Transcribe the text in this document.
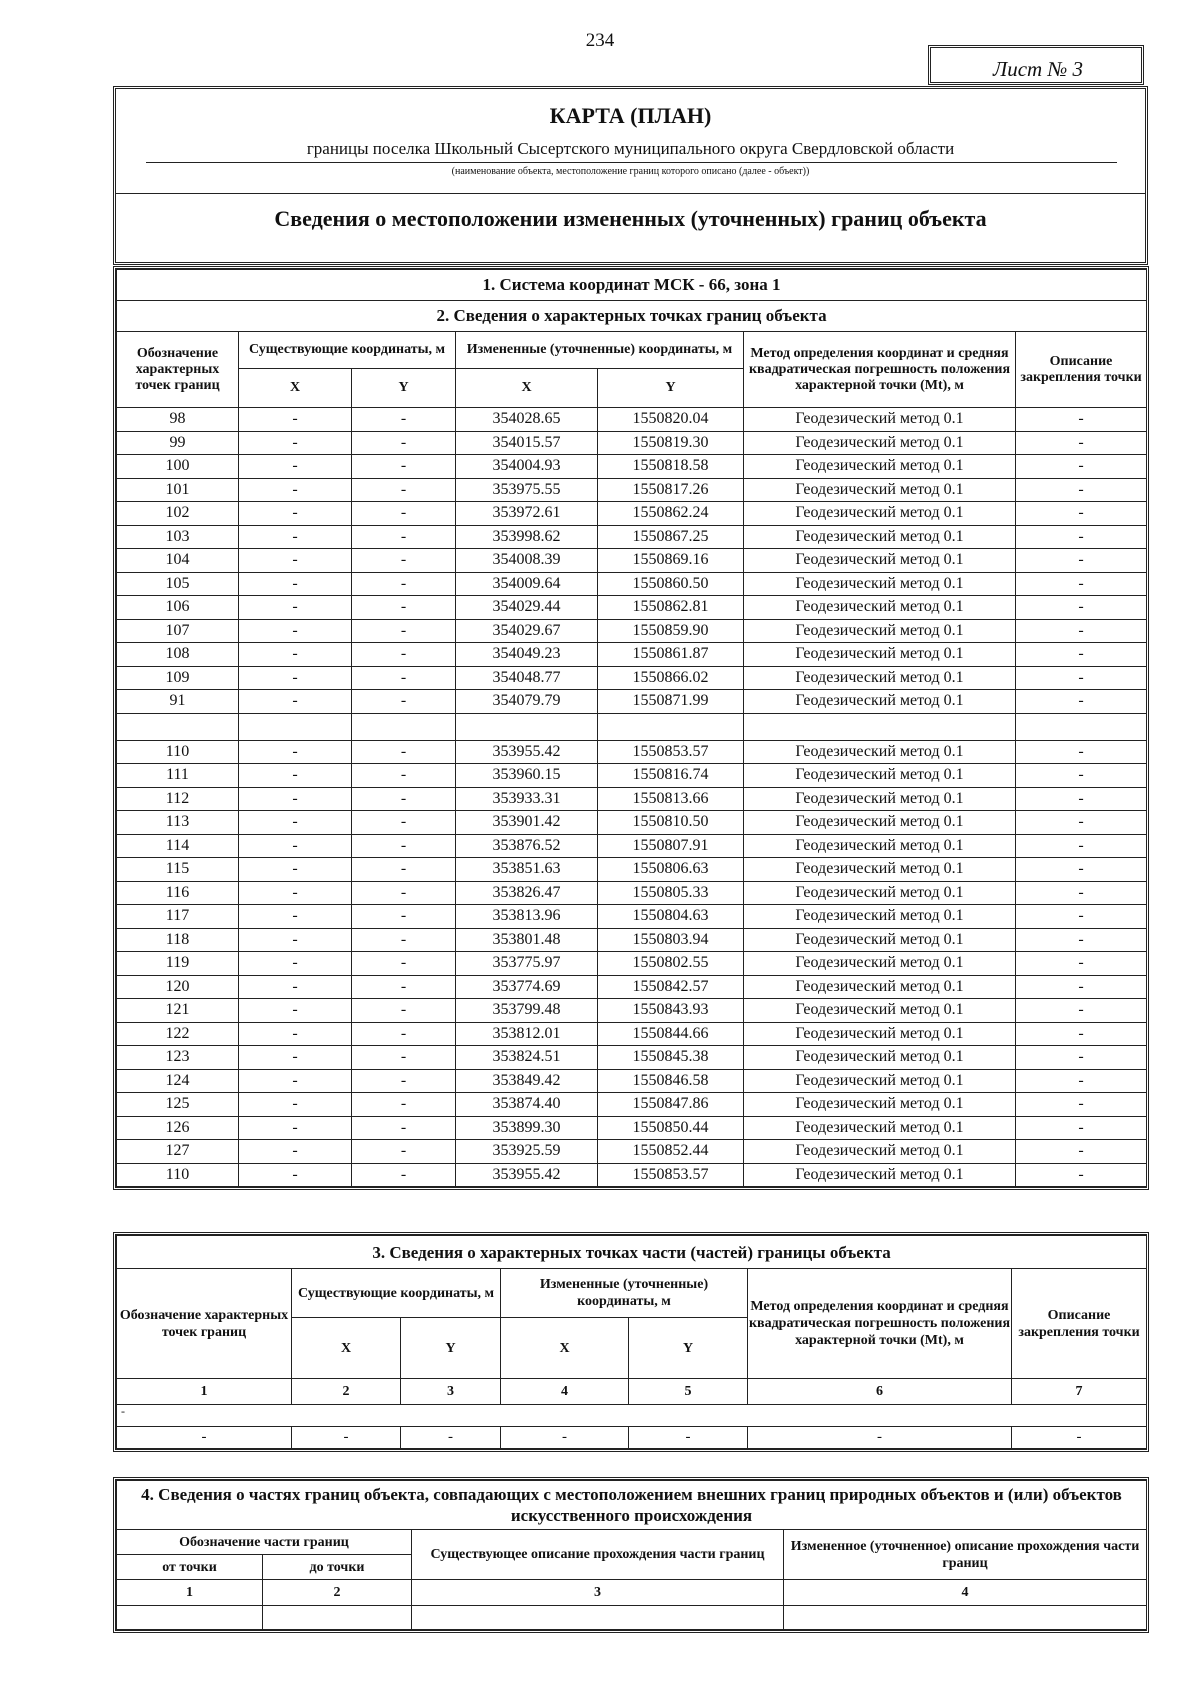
234
Лист № 3
КАРТА (ПЛАН)
границы поселка Школьный Сысертского муниципального округа Свердловской области
(наименование объекта, местоположение границ которого описано (далее - объект))
Сведения о местоположении измененных (уточненных) границ объекта
1. Система координат МСК - 66, зона 1						
2. Сведения о характерных точках границ объекта						
Обозначение характерных точек границ	Существующие координаты, м		Измененные (уточненные) координаты, м		Метод определения координат и средняя квадратическая погрешность положения характерной точки (Mt), м	Описание закрепления точки
	X	Y	X	Y		
98	-	-	354028.65	1550820.04	Геодезический метод 0.1	-
99	-	-	354015.57	1550819.30	Геодезический метод 0.1	-
100	-	-	354004.93	1550818.58	Геодезический метод 0.1	-
101	-	-	353975.55	1550817.26	Геодезический метод 0.1	-
102	-	-	353972.61	1550862.24	Геодезический метод 0.1	-
103	-	-	353998.62	1550867.25	Геодезический метод 0.1	-
104	-	-	354008.39	1550869.16	Геодезический метод 0.1	-
105	-	-	354009.64	1550860.50	Геодезический метод 0.1	-
106	-	-	354029.44	1550862.81	Геодезический метод 0.1	-
107	-	-	354029.67	1550859.90	Геодезический метод 0.1	-
108	-	-	354049.23	1550861.87	Геодезический метод 0.1	-
109	-	-	354048.77	1550866.02	Геодезический метод 0.1	-
91	-	-	354079.79	1550871.99	Геодезический метод 0.1	-

110	-	-	353955.42	1550853.57	Геодезический метод 0.1	-
111	-	-	353960.15	1550816.74	Геодезический метод 0.1	-
112	-	-	353933.31	1550813.66	Геодезический метод 0.1	-
113	-	-	353901.42	1550810.50	Геодезический метод 0.1	-
114	-	-	353876.52	1550807.91	Геодезический метод 0.1	-
115	-	-	353851.63	1550806.63	Геодезический метод 0.1	-
116	-	-	353826.47	1550805.33	Геодезический метод 0.1	-
117	-	-	353813.96	1550804.63	Геодезический метод 0.1	-
118	-	-	353801.48	1550803.94	Геодезический метод 0.1	-
119	-	-	353775.97	1550802.55	Геодезический метод 0.1	-
120	-	-	353774.69	1550842.57	Геодезический метод 0.1	-
121	-	-	353799.48	1550843.93	Геодезический метод 0.1	-
122	-	-	353812.01	1550844.66	Геодезический метод 0.1	-
123	-	-	353824.51	1550845.38	Геодезический метод 0.1	-
124	-	-	353849.42	1550846.58	Геодезический метод 0.1	-
125	-	-	353874.40	1550847.86	Геодезический метод 0.1	-
126	-	-	353899.30	1550850.44	Геодезический метод 0.1	-
127	-	-	353925.59	1550852.44	Геодезический метод 0.1	-
110	-	-	353955.42	1550853.57	Геодезический метод 0.1	-
3. Сведения о характерных точках части (частей) границы объекта						
Обозначение характерных точек границ	Существующие координаты, м		Измененные (уточненные) координаты, м		Метод определения координат и средняя квадратическая погрешность положения характерной точки (Mt), м	Описание закрепления точки
	X	Y	X	Y		
1	2	3	4	5	6	7
-						
-	-	-	-	-	-	-
4. Сведения о частях границ объекта, совпадающих с местоположением внешних границ природных объектов и (или) объектов искусственного происхождения			
Обозначение части границ		Существующее описание прохождения части границ	Измененное (уточненное) описание прохождения части границ
от точки	до точки		
1	2	3	4
